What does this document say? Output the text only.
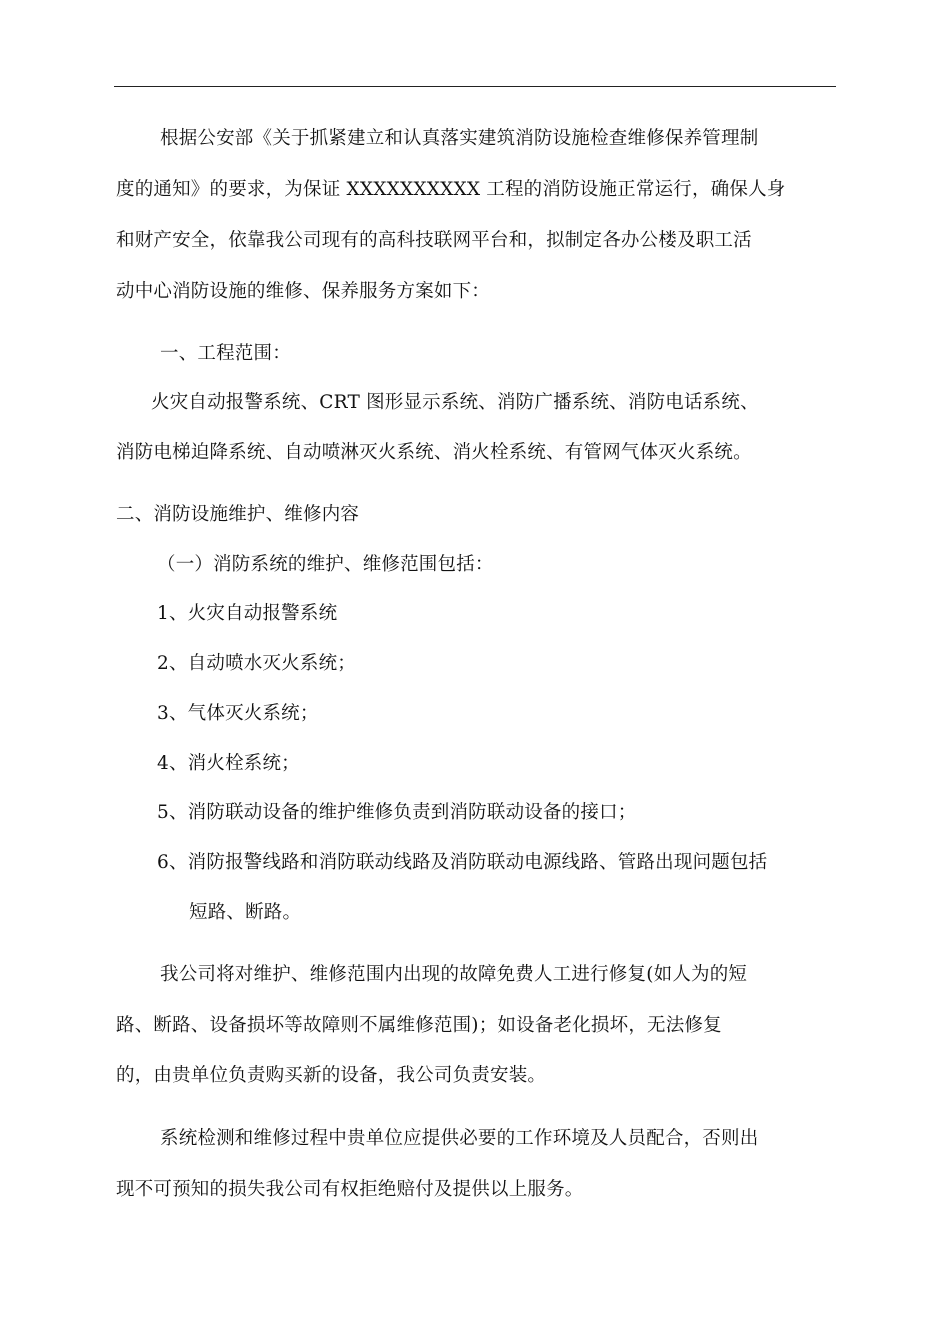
根据公安部《关于抓紧建立和认真落实建筑消防设施检查维修保养管理制

度的通知》的要求，为保证 XXXXXXXXXX 工程的消防设施正常运行，确保人身

和财产安全，依靠我公司现有的高科技联网平台和，拟制定各办公楼及职工活

动中心消防设施的维修、保养服务方案如下：

一、工程范围：

火灾自动报警系统、CRT 图形显示系统、消防广播系统、消防电话系统、

消防电梯迫降系统、自动喷淋灭火系统、消火栓系统、有管网气体灭火系统。

二、消防设施维护、维修内容

（一）消防系统的维护、维修范围包括：

1、火灾自动报警系统

2、自动喷水灭火系统；

3、气体灭火系统；

4、消火栓系统；

5、消防联动设备的维护维修负责到消防联动设备的接口；

6、消防报警线路和消防联动线路及消防联动电源线路、管路出现问题包括

短路、断路。

我公司将对维护、维修范围内出现的故障免费人工进行修复(如人为的短

路、断路、设备损坏等故障则不属维修范围)；如设备老化损坏，无法修复

的，由贵单位负责购买新的设备，我公司负责安装。

系统检测和维修过程中贵单位应提供必要的工作环境及人员配合，否则出

现不可预知的损失我公司有权拒绝赔付及提供以上服务。
